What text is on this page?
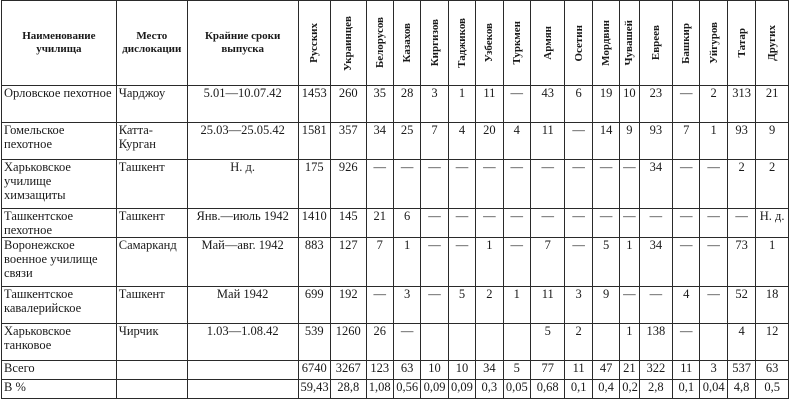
Наименование училища	Место дислокации	Крайние сроки выпуска	Русских	Украинцев	Белорусов	Казахов	Киргизов	Таджиков	Узбеков	Туркмен	Армян	Осетин	Мордвин	Чувашей	Евреев	Башкир	Уйгуров	Татар	Других

Орловское пехотное	Чарджоу	5.01—10.07.42	1453	260	35	28	3	1	11	—	43	6	19	10	23	—	2	313	21
Гомельское пехотное	Катта-Курган	25.03—25.05.42	1581	357	34	25	7	4	20	4	11	—	14	9	93	7	1	93	9
Харьковское училище химзащиты	Ташкент	Н. д.	175	926	—	—	—	—	—	—	—	—	—	—	34	—	—	2	2
Ташкентское пехотное	Ташкент	Янв.—июль 1942	1410	145	21	6	—	—	—	—	—	—	—	—	—	—	—	—	Н. д.
Воронежское военное училище связи	Самарканд	Май—авг. 1942	883	127	7	1	—	—	1	—	7	—	5	1	34	—	—	73	1
Ташкентское кавалерийское	Ташкент	Май 1942	699	192	—	3	—	5	2	1	11	3	9	—	—	4	—	52	18
Харьковское танковое	Чирчик	1.03—1.08.42	539	1260	26	—					5	2		1	138	—		4	12
Всего			6740	3267	123	63	10	10	34	5	77	11	47	21	322	11	3	537	63
В %			59,43	28,8	1,08	0,56	0,09	0,09	0,3	0,05	0,68	0,1	0,4	0,2	2,8	0,1	0,04	4,8	0,5
